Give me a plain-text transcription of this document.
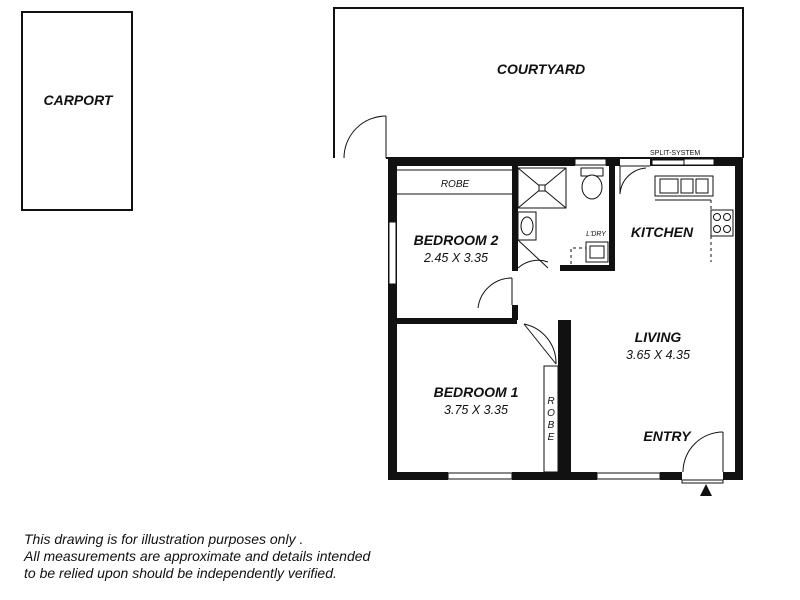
CARPORT
COURTYARD
ROBE
R
O
B
E
L'DRY
SPLIT-SYSTEM
KITCHEN
BEDROOM 2
2.45 X 3.35
BEDROOM 1
3.75 X 3.35
LIVING
3.65 X 4.35
ENTRY
This drawing is for illustration purposes only .
All measurements are approximate and details intended
to be relied upon should be independently verified.
